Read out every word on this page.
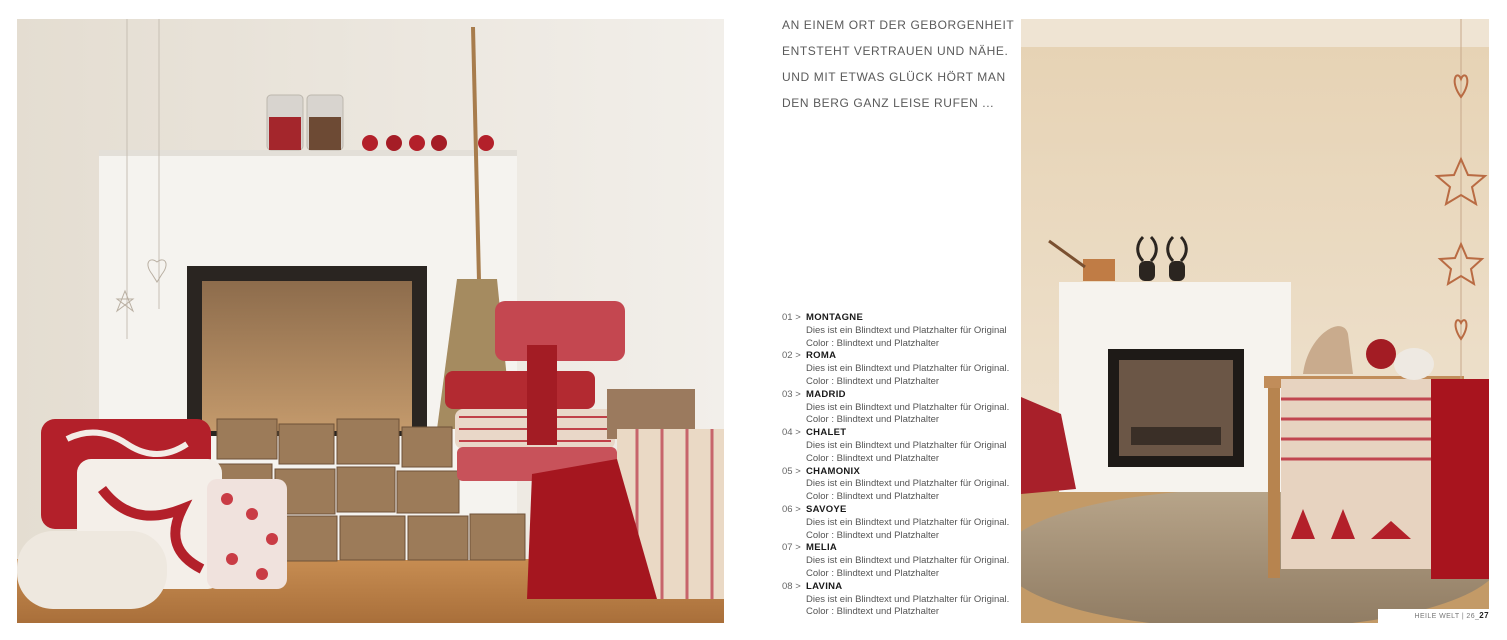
AN EINEM ORT DER GEBORGENHEIT
ENTSTEHT VERTRAUEN UND NÄHE.
UND MIT ETWAS GLÜCK HÖRT MAN
DEN BERG GANZ LEISE RUFEN ...
01 > MONTAGNE
Dies ist ein Blindtext und Platzhalter für Original
Color : Blindtext und Platzhalter
02 > ROMA
Dies ist ein Blindtext und Platzhalter für Original.
Color : Blindtext und Platzhalter
03 > MADRID
Dies ist ein Blindtext und Platzhalter für Original.
Color : Blindtext und Platzhalter
04 > CHALET
Dies ist ein Blindtext und Platzhalter für Original
Color : Blindtext und Platzhalter
05 > CHAMONIX
Dies ist ein Blindtext und Platzhalter für Original.
Color : Blindtext und Platzhalter
06 > SAVOYE
Dies ist ein Blindtext und Platzhalter für Original.
Color : Blindtext und Platzhalter
07 > MELIA
Dies ist ein Blindtext und Platzhalter für Original.
Color : Blindtext und Platzhalter
08 > LAVINA
Dies ist ein Blindtext und Platzhalter für Original.
Color : Blindtext und Platzhalter	HEILE WELT | 26_27
